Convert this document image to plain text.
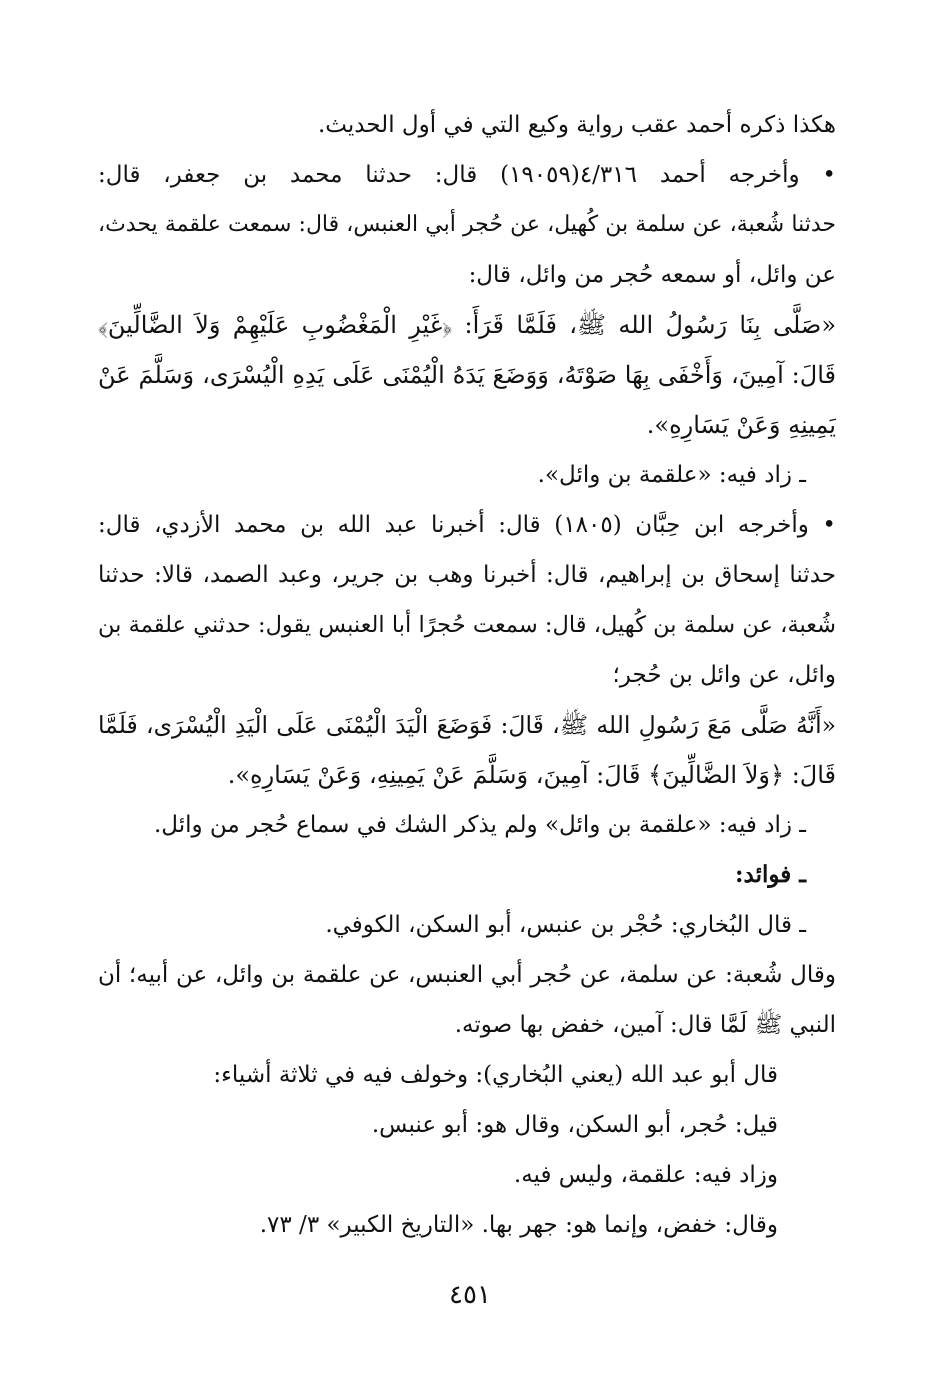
هكذا ذكره أحمد عقب رواية وكيع التي في أول الحديث.
• وأخرجه أحمد ٤/٣١٦(١٩٠٥٩) قال: حدثنا محمد بن جعفر، قال:
حدثنا شُعبة، عن سلمة بن كُهيل، عن حُجر أبي العنبس، قال: سمعت علقمة يحدث،
عن وائل، أو سمعه حُجر من وائل، قال:
«صَلَّى بِنَا رَسُولُ الله ﷺ، فَلَمَّا قَرَأَ: ﴿غَيْرِ الْمَغْضُوبِ عَلَيْهِمْ وَلاَ الضَّالِّينَ﴾
قَالَ: آمِينَ، وَأَخْفَى بِهَا صَوْتَهُ، وَوَضَعَ يَدَهُ الْيُمْنَى عَلَى يَدِهِ الْيُسْرَى، وَسَلَّمَ عَنْ
يَمِينِهِ وَعَنْ يَسَارِهِ».
ـ زاد فيه: «علقمة بن وائل».
• وأخرجه ابن حِبَّان (١٨٠٥) قال: أخبرنا عبد الله بن محمد الأزدي، قال:
حدثنا إسحاق بن إبراهيم، قال: أخبرنا وهب بن جرير، وعبد الصمد، قالا: حدثنا
شُعبة، عن سلمة بن كُهيل، قال: سمعت حُجرًا أبا العنبس يقول: حدثني علقمة بن
وائل، عن وائل بن حُجر؛
«أَنَّهُ صَلَّى مَعَ رَسُولِ الله ﷺ، قَالَ: فَوَضَعَ الْيَدَ الْيُمْنَى عَلَى الْيَدِ الْيُسْرَى، فَلَمَّا
قَالَ: ﴿وَلاَ الضَّالِّينَ﴾ قَالَ: آمِينَ، وَسَلَّمَ عَنْ يَمِينِهِ، وَعَنْ يَسَارِهِ».
ـ زاد فيه: «علقمة بن وائل» ولم يذكر الشك في سماع حُجر من وائل.
ـ فوائد:
ـ قال البُخاري: حُجْر بن عنبس، أبو السكن، الكوفي.
وقال شُعبة: عن سلمة، عن حُجر أبي العنبس، عن علقمة بن وائل، عن أبيه؛ أن
النبي ﷺ لَمَّا قال: آمين، خفض بها صوته.
قال أبو عبد الله (يعني البُخاري): وخولف فيه في ثلاثة أشياء:
قيل: حُجر، أبو السكن، وقال هو: أبو عنبس.
وزاد فيه: علقمة، وليس فيه.
وقال: خفض، وإنما هو: جهر بها. «التاريخ الكبير» ٣/ ٧٣.
٤٥١
